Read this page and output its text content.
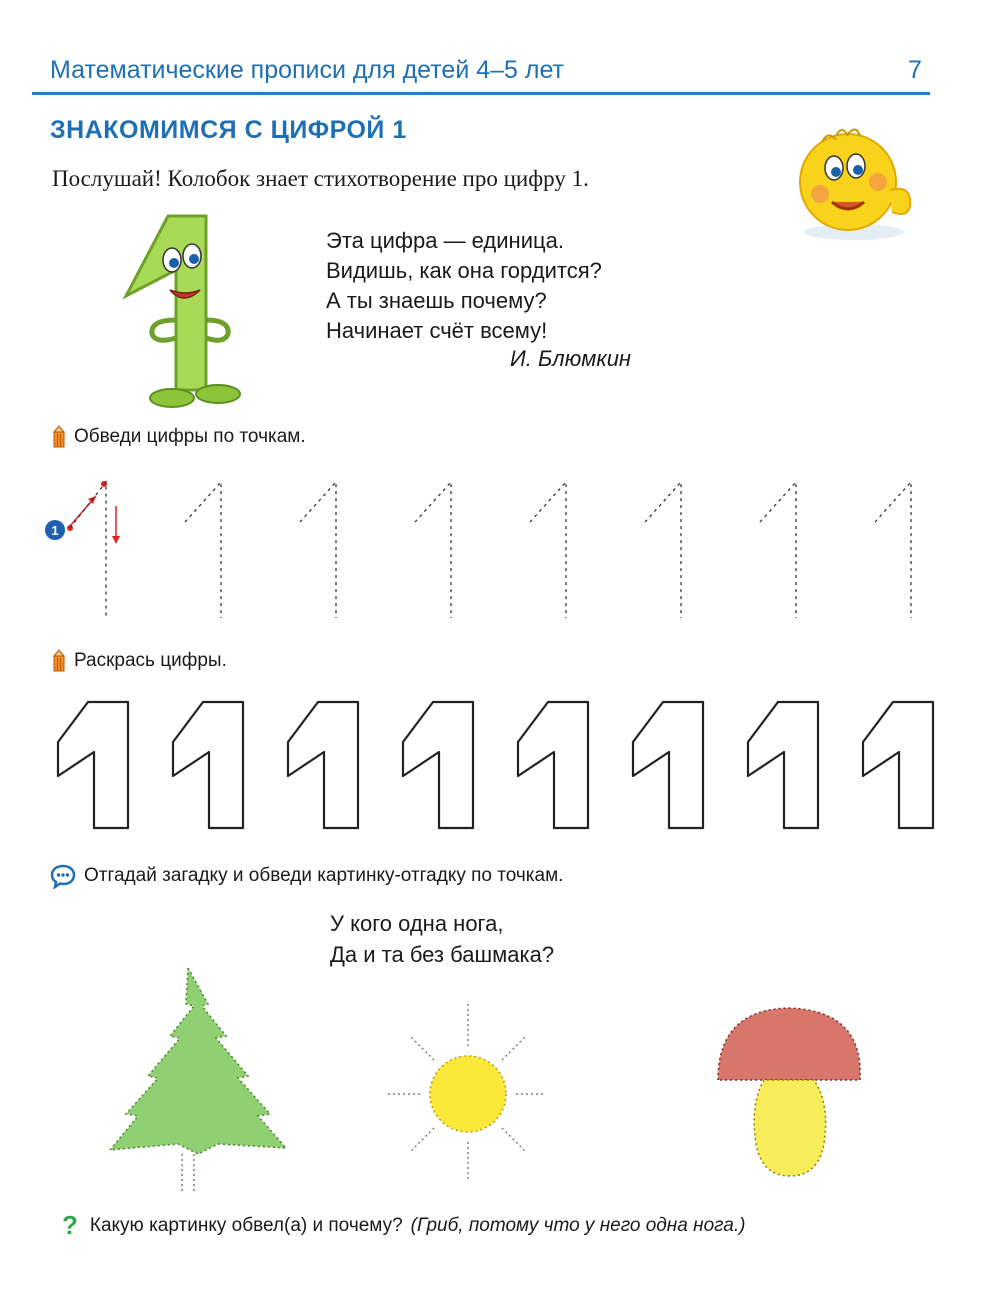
Математические прописи для детей 4–5 лет	7
ЗНАКОМИМСЯ С ЦИФРОЙ 1
Послушай! Колобок знает стихотворение про цифру 1.
Эта цифра — единица.
Видишь, как она гордится?
А ты знаешь почему?
Начинает счёт всему!
И. Блюмкин
Обведи цифры по точкам.
1
Раскрась цифры.
Отгадай загадку и обведи картинку-отгадку по точкам.
У кого одна нога,
Да и та без башмака?
? Какую картинку обвел(а) и почему? (Гриб, потому что у него одна нога.)
